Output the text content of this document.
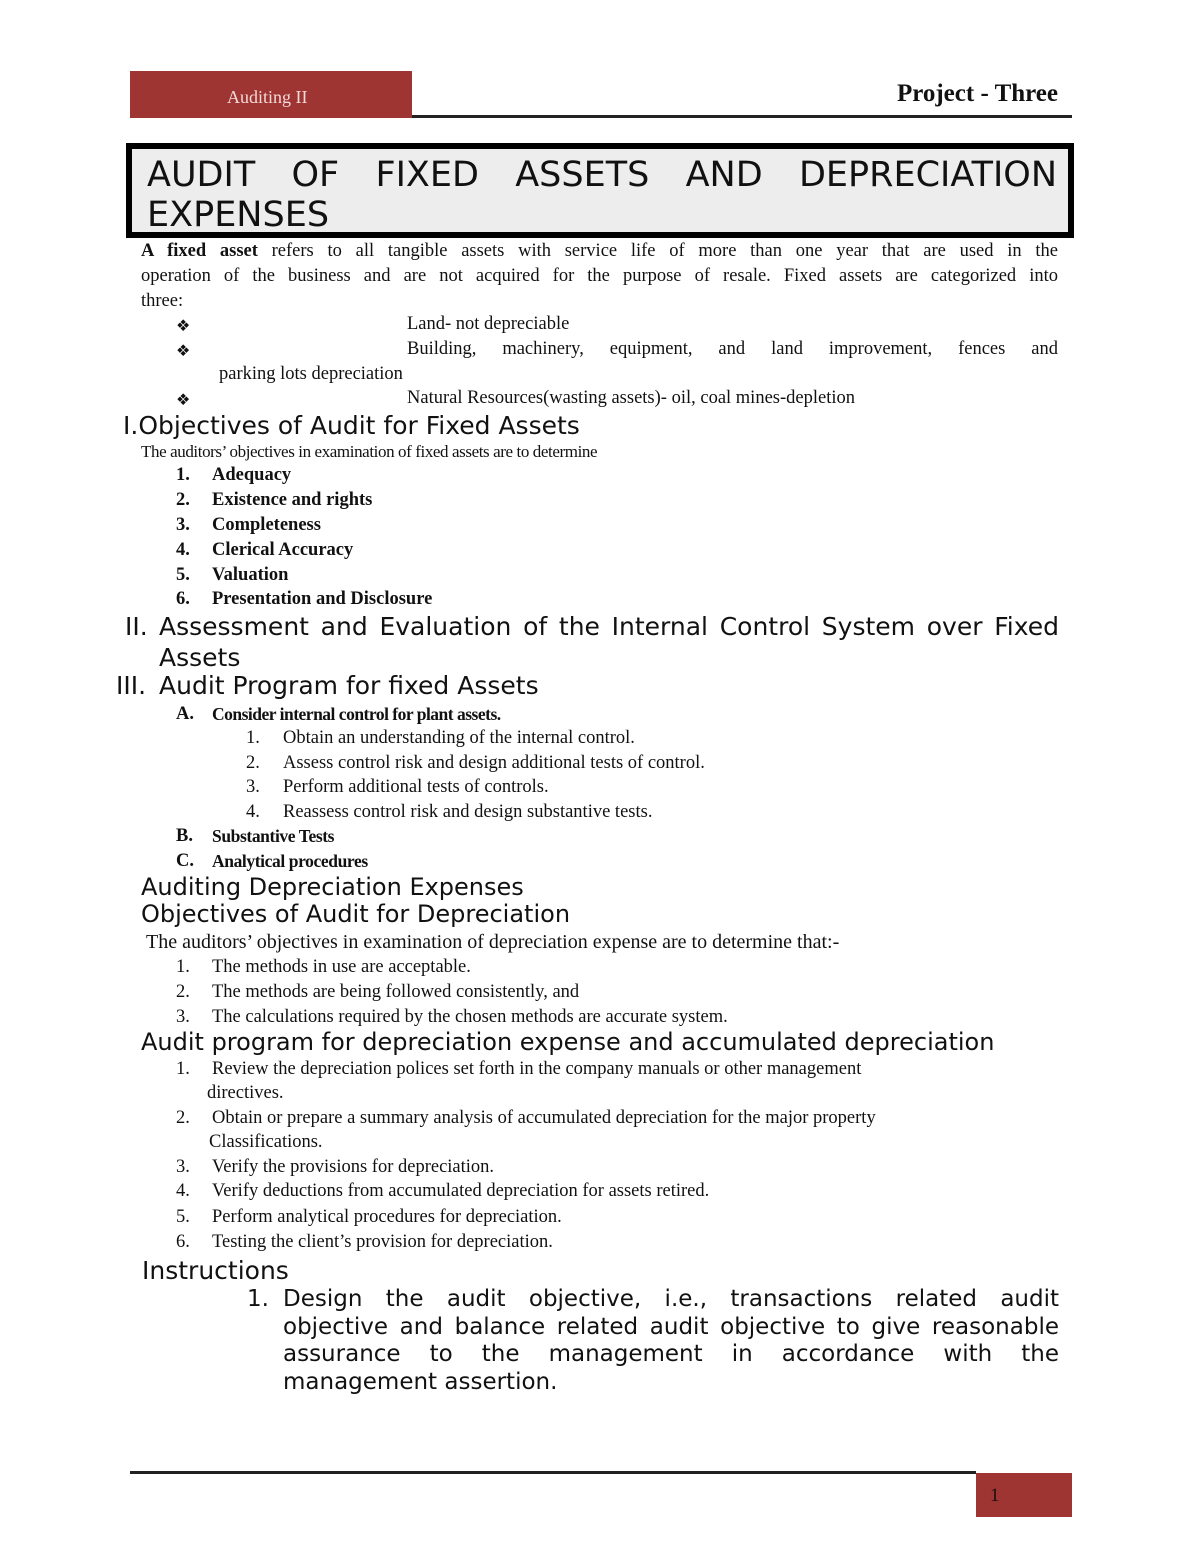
Auditing II	Project - Three
AUDIT OF FIXED ASSETS AND DEPRECIATION
EXPENSES
A fixed asset refers to all tangible assets with service life of more than one year that are used in the
operation of the business and are not acquired for the purpose of resale. Fixed assets are categorized into
three:
❖	Land- not depreciable
❖	Building, machinery, equipment, and land improvement, fences and
parking lots depreciation
❖	Natural Resources(wasting assets)- oil, coal mines-depletion
I.Objectives of Audit for Fixed Assets
The auditors’ objectives in examination of fixed assets are to determine
1. Adequacy
2. Existence and rights
3. Completeness
4. Clerical Accuracy
5. Valuation
6. Presentation and Disclosure
II. Assessment and Evaluation of the Internal Control System over Fixed
Assets
III. Audit Program for fixed Assets
A. Consider internal control for plant assets.
1. Obtain an understanding of the internal control.
2. Assess control risk and design additional tests of control.
3. Perform additional tests of controls.
4. Reassess control risk and design substantive tests.
B. Substantive Tests
C. Analytical procedures
Auditing Depreciation Expenses
Objectives of Audit for Depreciation
The auditors’ objectives in examination of depreciation expense are to determine that:-
1. The methods in use are acceptable.
2. The methods are being followed consistently, and
3. The calculations required by the chosen methods are accurate system.
Audit program for depreciation expense and accumulated depreciation
1. Review the depreciation polices set forth in the company manuals or other management
directives.
2. Obtain or prepare a summary analysis of accumulated depreciation for the major property
Classifications.
3. Verify the provisions for depreciation.
4. Verify deductions from accumulated depreciation for assets retired.
5. Perform analytical procedures for depreciation.
6. Testing the client’s provision for depreciation.
Instructions
1. Design the audit objective, i.e., transactions related audit
objective and balance related audit objective to give reasonable
assurance to the management in accordance with the
management assertion.
1
